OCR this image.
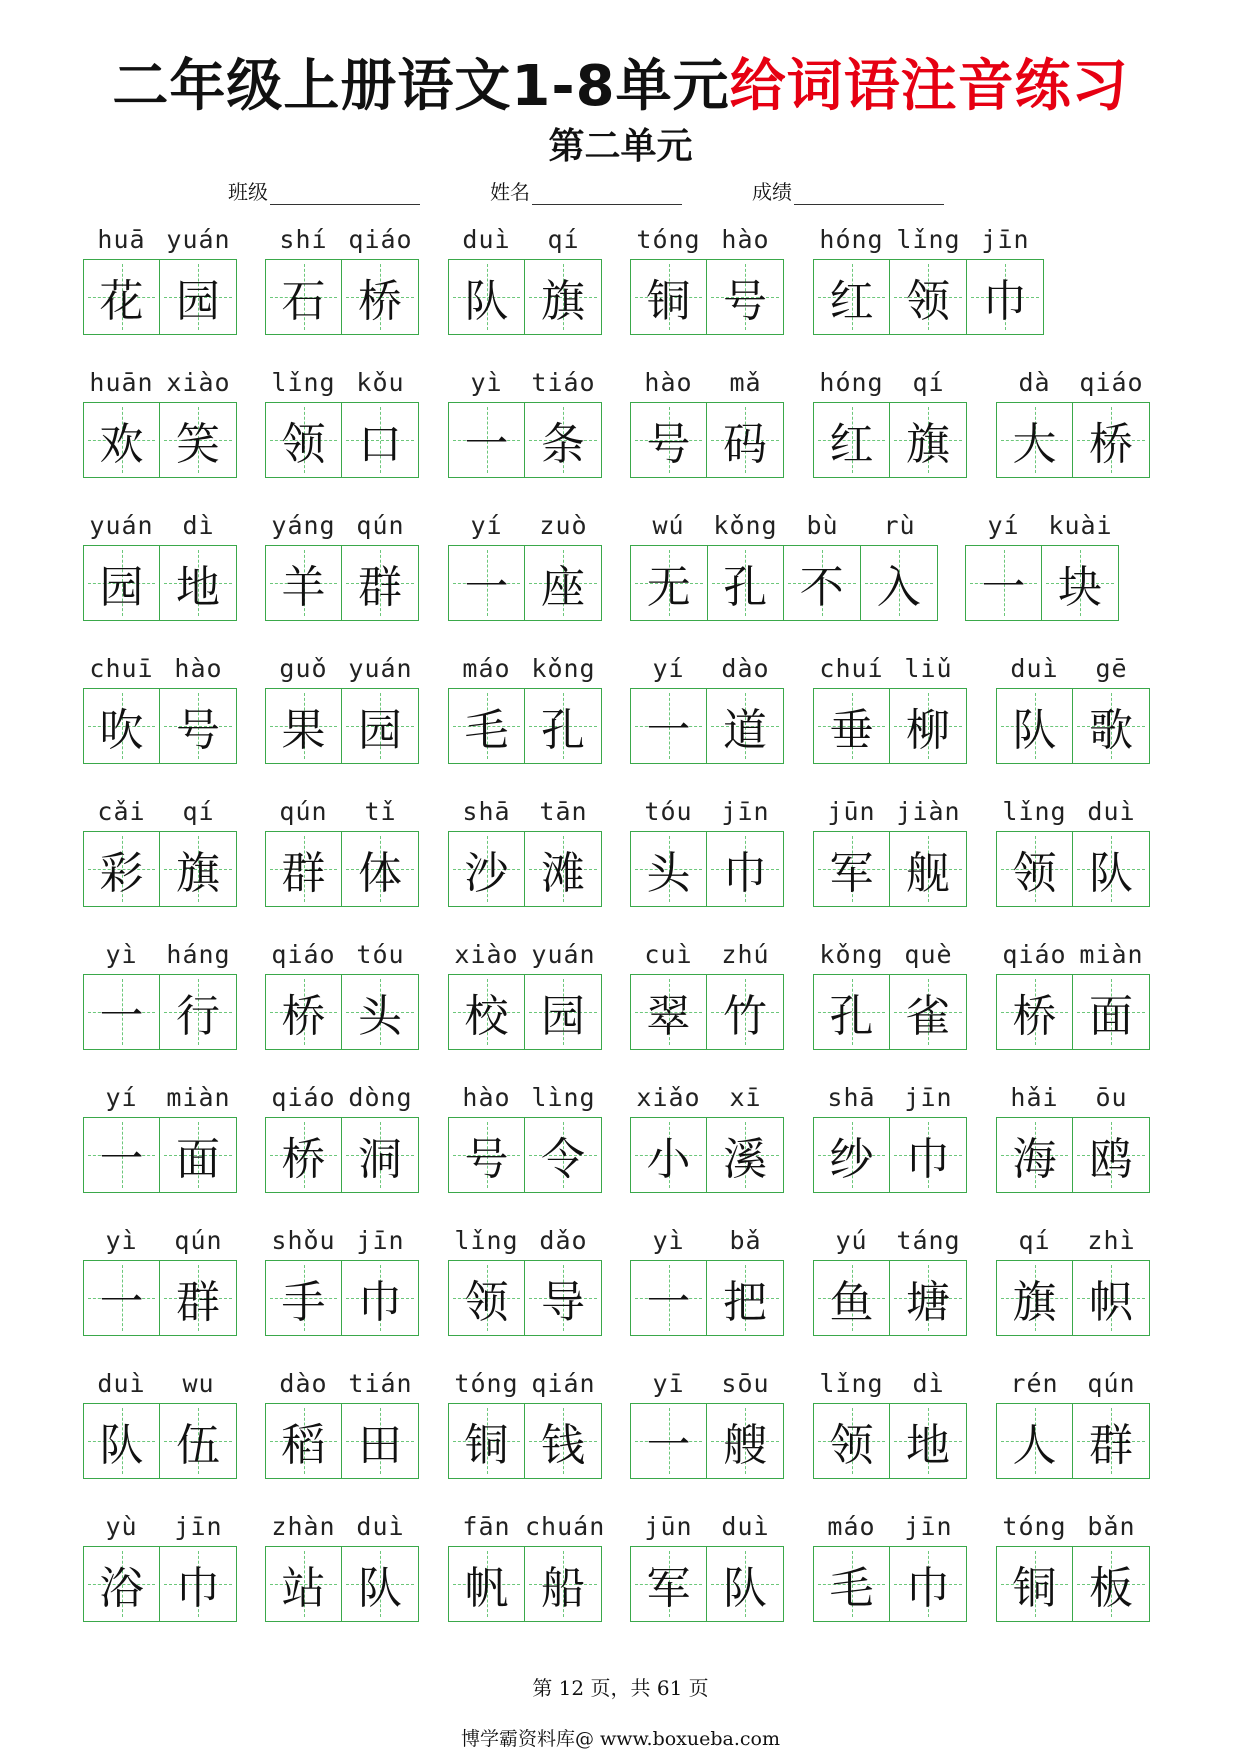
二年级上册语文1-8单元给词语注音练习
第二单元
班级	姓名	成绩
huā yuán
花 园
shí qiáo
石 桥
duì	qí
队 旗
tóng hào
铜 号
hóng lǐng jīn
红 领 巾
huān xiào
欢 笑
lǐng kǒu
领 口
yì	tiáo
一 条
hào	mǎ
号 码
hóng	qí
红 旗
dà	qiáo
大 桥
yuán	dì
园 地
yáng qún
羊 群
yí	zuò
一 座
wú	kǒng	bù	rù
无 孔 不 入
yí	kuài
一 块
chuī hào
吹 号
guǒ yuán
果 园
máo kǒng
毛 孔
yí	dào
一 道
chuí liǔ
垂 柳
duì	gē
队 歌
cǎi	qí
彩 旗
qún	tǐ
群 体
shā	tān
沙 滩
tóu	jīn
头 巾
jūn jiàn
军 舰
lǐng duì
领 队
yì	háng
一 行
qiáo tóu
桥 头
xiào yuán
校 园
cuì	zhú
翠 竹
kǒng què
孔 雀
qiáo miàn
桥 面
yí	miàn
一 面
qiáo dòng
桥 洞
hào lìng
号 令
xiǎo	xī
小 溪
shā	jīn
纱 巾
hǎi	ōu
海 鸥
yì	qún
一 群
shǒu jīn
手 巾
lǐng dǎo
领 导
yì	bǎ
一 把
yú	táng
鱼 塘
qí	zhì
旗 帜
duì	wu
队 伍
dào tián
稻 田
tóng qián
铜 钱
yī	sōu
一 艘
lǐng	dì
领 地
rén	qún
人 群
yù	jīn
浴 巾
zhàn duì
站 队
fān chuán
帆 船
jūn	duì
军 队
máo	jīn
毛 巾
tóng bǎn
铜 板
第 12 页，共 61 页
博学霸资料库@ www.boxueba.com
